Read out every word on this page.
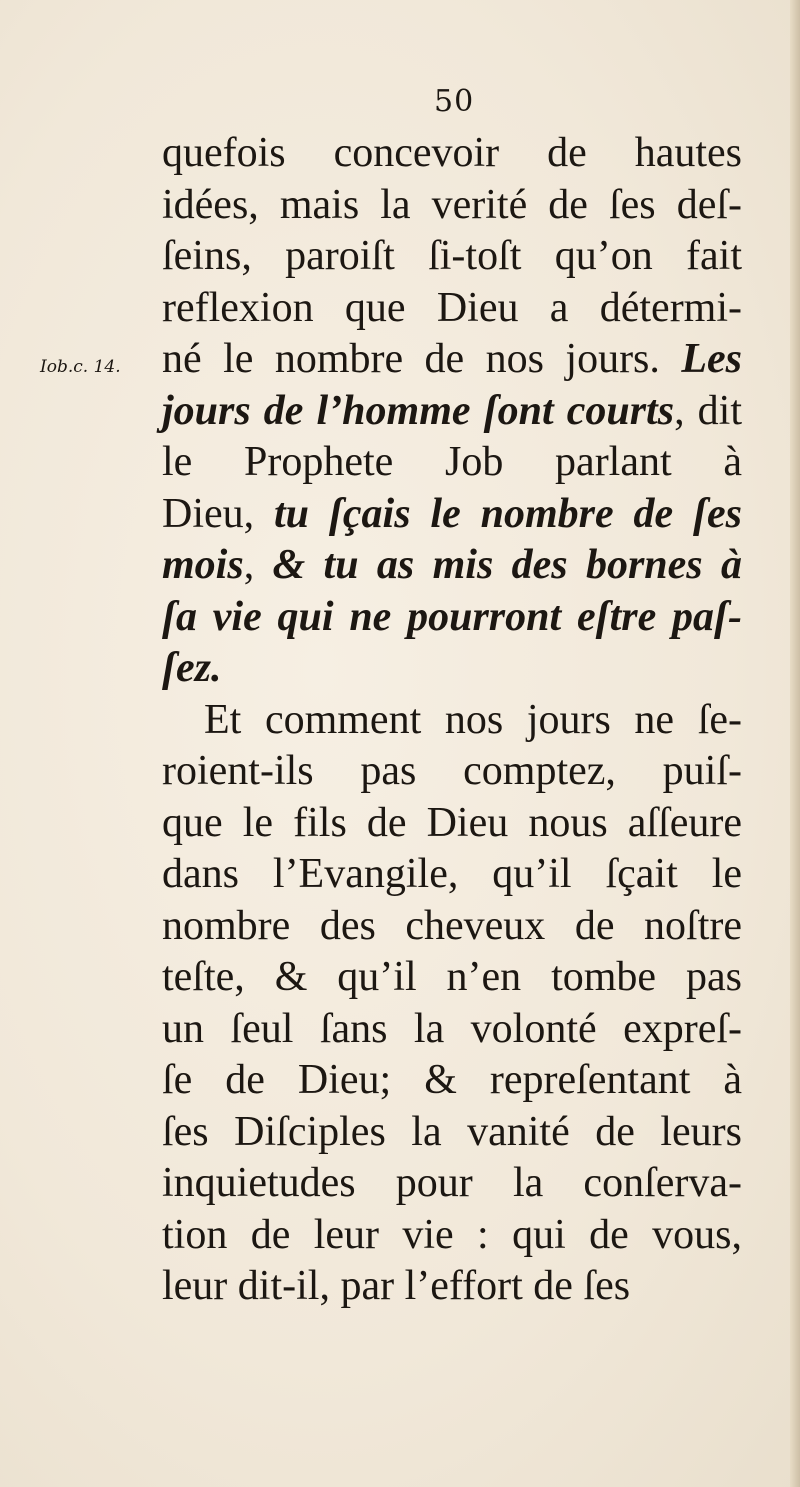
50
Iob.c. 14.
quefois concevoir de hautes
idées, mais la verité de ſes deſ-
ſeins, paroiſt ſi-toſt qu’on fait
reflexion que Dieu a détermi-
né le nombre de nos jours. Les
jours de l’homme ſont courts, dit
le Prophete Job parlant à
Dieu, tu ſçais le nombre de ſes
mois, & tu as mis des bornes à
ſa vie qui ne pourront eſtre paſ-
ſez.
Et comment nos jours ne ſe-
roient-ils pas comptez, puiſ-
que le fils de Dieu nous aſſeure
dans l’Evangile, qu’il ſçait le
nombre des cheveux de noſtre
teſte, & qu’il n’en tombe pas
un ſeul ſans la volonté expreſ-
ſe de Dieu; & repreſentant à
ſes Diſciples la vanité de leurs
inquietudes pour la conſerva-
tion de leur vie : qui de vous,
leur dit-il, par l’effort de ſes
